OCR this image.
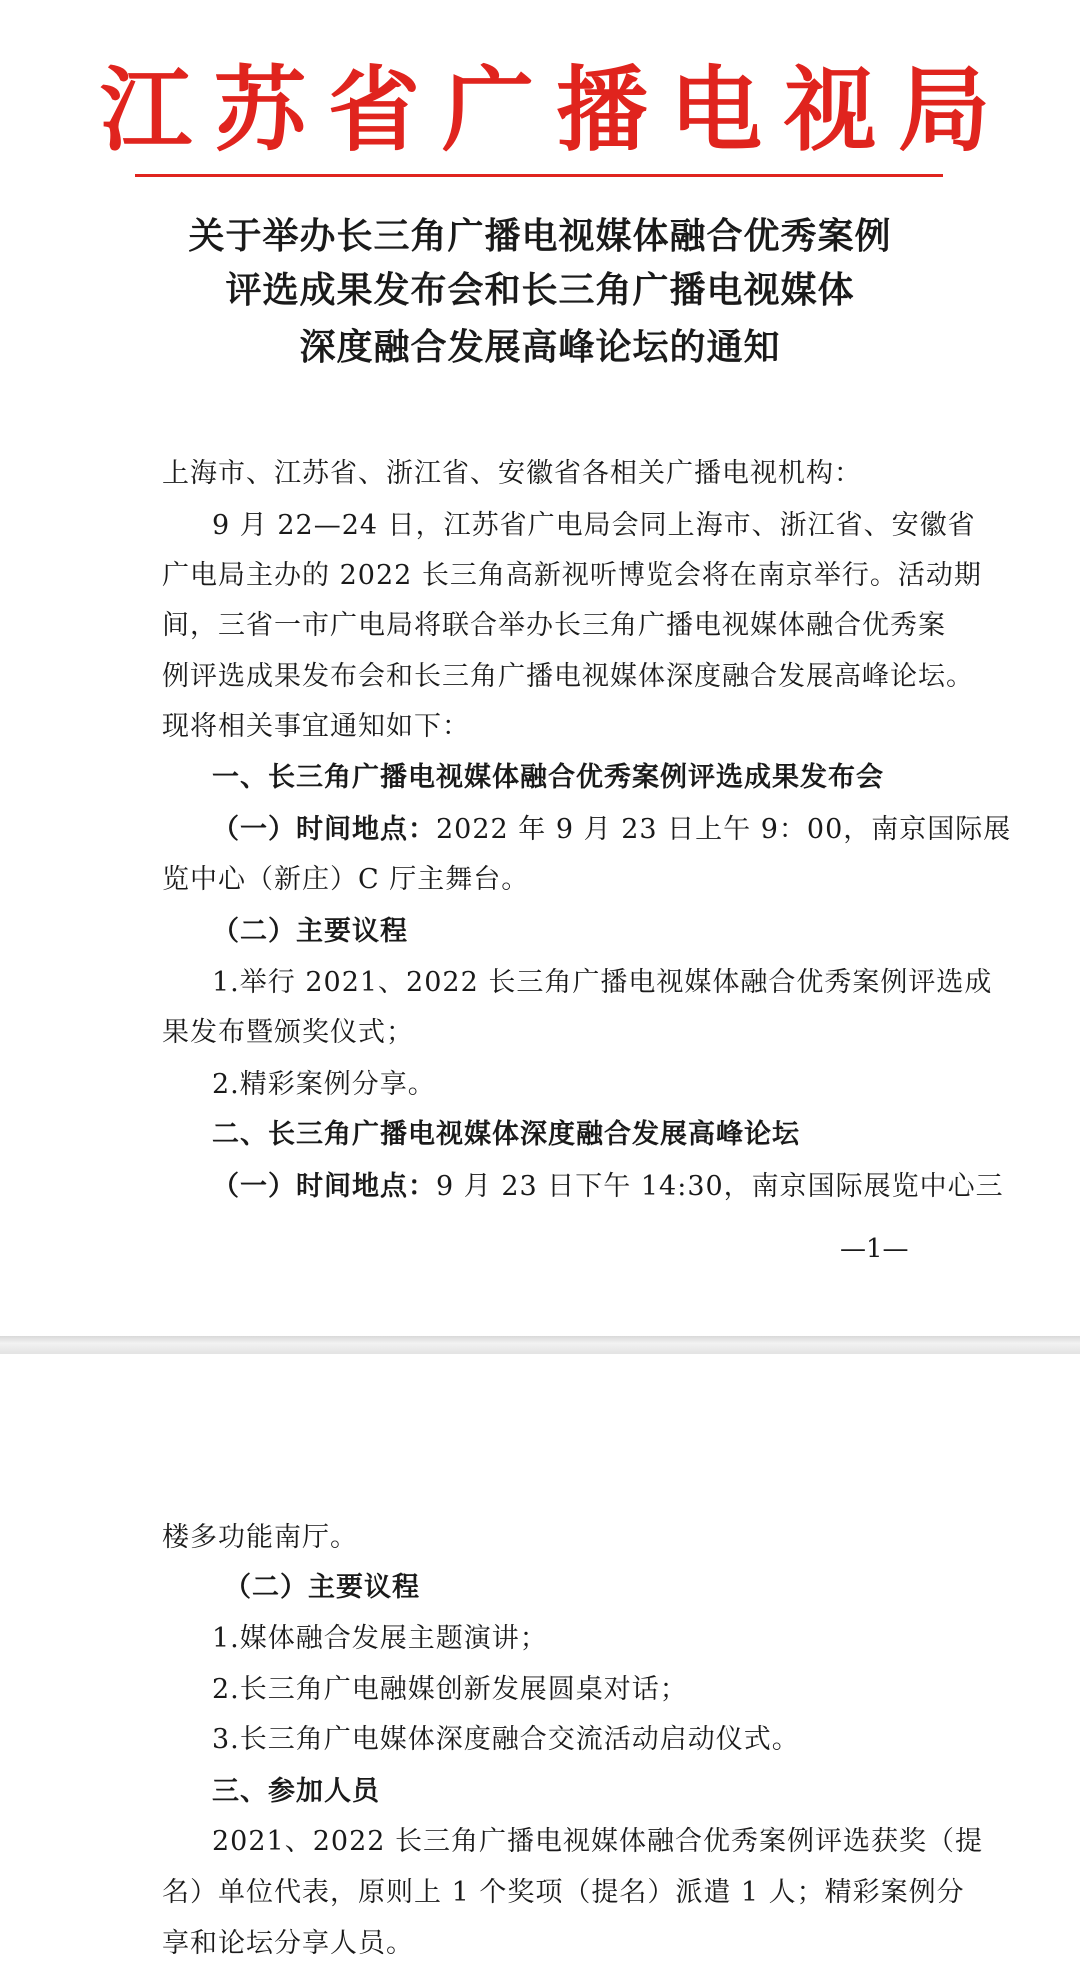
江苏省广播电视局
关于举办长三角广播电视媒体融合优秀案例
评选成果发布会和长三角广播电视媒体
深度融合发展高峰论坛的通知
上海市、江苏省、浙江省、安徽省各相关广播电视机构：
9 月 22—24 日，江苏省广电局会同上海市、浙江省、安徽省
广电局主办的 2022 长三角高新视听博览会将在南京举行。活动期
间，三省一市广电局将联合举办长三角广播电视媒体融合优秀案
例评选成果发布会和长三角广播电视媒体深度融合发展高峰论坛。
现将相关事宜通知如下：
一、长三角广播电视媒体融合优秀案例评选成果发布会
（一）时间地点：2022 年 9 月 23 日上午 9：00，南京国际展
览中心（新庄）C 厅主舞台。
（二）主要议程
1.举行 2021、2022 长三角广播电视媒体融合优秀案例评选成
果发布暨颁奖仪式；
2.精彩案例分享。
二、长三角广播电视媒体深度融合发展高峰论坛
（一）时间地点：9 月 23 日下午 14:30，南京国际展览中心三
—1—
楼多功能南厅。
（二）主要议程
1.媒体融合发展主题演讲；
2.长三角广电融媒创新发展圆桌对话；
3.长三角广电媒体深度融合交流活动启动仪式。
三、参加人员
2021、2022 长三角广播电视媒体融合优秀案例评选获奖（提
名）单位代表，原则上 1 个奖项（提名）派遣 1 人；精彩案例分
享和论坛分享人员。
